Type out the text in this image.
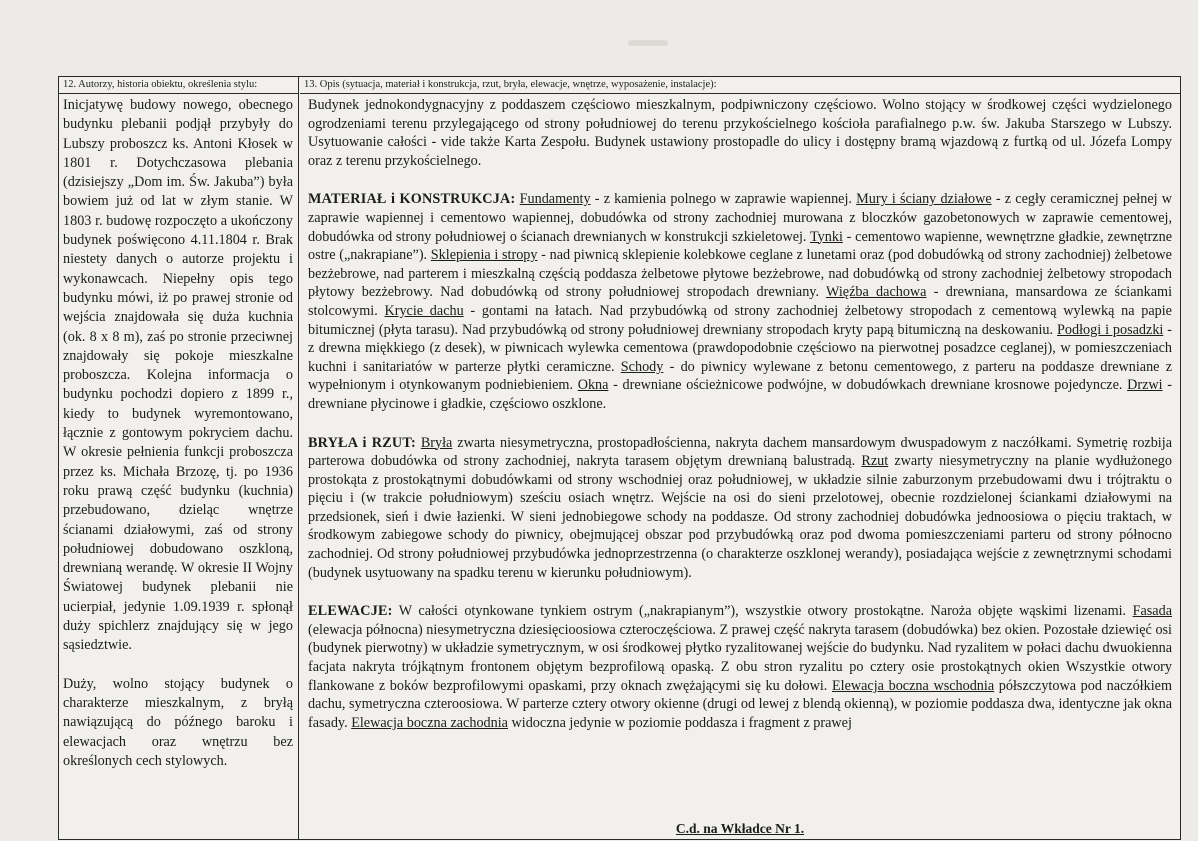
12. Autorzy, historia obiektu, określenia stylu:

Inicjatywę budowy nowego, obecnego budynku plebanii podjął przybyły do Lubszy proboszcz ks. Antoni Kłosek w 1801 r. Dotychczasowa plebania (dzisiejszy „Dom im. Św. Jakuba”) była bowiem już od lat w złym stanie. W 1803 r. budowę rozpoczęto a ukończony budynek poświęcono 4.11.1804 r. Brak niestety danych o autorze projektu i wykonawcach. Niepełny opis tego budynku mówi, iż po prawej stronie od wejścia znajdowała się duża kuchnia (ok. 8 x 8 m), zaś po stronie przeciwnej znajdowały się pokoje mieszkalne proboszcza. Kolejna informacja o budynku pochodzi dopiero z 1899 r., kiedy to budynek wyremontowano, łącznie z gontowym pokryciem dachu. W okresie pełnienia funkcji proboszcza przez ks. Michała Brzozę, tj. po 1936 roku prawą część budynku (kuchnia) przebudowano, dzieląc wnętrze ścianami działowymi, zaś od strony południowej dobudowano oszkloną, drewnianą werandę. W okresie II Wojny Światowej budynek plebanii nie ucierpiał, jedynie 1.09.1939 r. spłonął duży spichlerz znajdujący się w jego sąsiedztwie.

Duży, wolno stojący budynek o charakterze mieszkalnym, z bryłą nawiązującą do późnego baroku i elewacjach oraz wnętrzu bez określonych cech stylowych.

13. Opis (sytuacja, materiał i konstrukcja, rzut, bryła, elewacje, wnętrze, wyposażenie, instalacje):

Budynek jednokondygnacyjny z poddaszem częściowo mieszkalnym, podpiwniczony częściowo. Wolno stojący w środkowej części wydzielonego ogrodzeniami terenu przylegającego od strony południowej do terenu przykościelnego kościoła parafialnego p.w. św. Jakuba Starszego w Lubszy. Usytuowanie całości - vide także Karta Zespołu. Budynek ustawiony prostopadle do ulicy i dostępny bramą wjazdową z furtką od ul. Józefa Lompy oraz z terenu przykościelnego.

MATERIAŁ i KONSTRUKCJA: Fundamenty - z kamienia polnego w zaprawie wapiennej. Mury i ściany działowe - z cegły ceramicznej pełnej w zaprawie wapiennej i cementowo wapiennej, dobudówka od strony zachodniej murowana z bloczków gazobetonowych w zaprawie cementowej, dobudówka od strony południowej o ścianach drewnianych w konstrukcji szkieletowej. Tynki - cementowo wapienne, wewnętrzne gładkie, zewnętrzne ostre („nakrapiane”). Sklepienia i stropy - nad piwnicą sklepienie kolebkowe ceglane z lunetami oraz (pod dobudówką od strony zachodniej) żelbetowe bezżebrowe, nad parterem i mieszkalną częścią poddasza żelbetowe płytowe bezżebrowe, nad dobudówką od strony zachodniej żelbetowy stropodach płytowy bezżebrowy. Nad dobudówką od strony południowej stropodach drewniany. Więźba dachowa - drewniana, mansardowa ze ściankami stolcowymi. Krycie dachu - gontami na łatach. Nad przybudówką od strony zachodniej żelbetowy stropodach z cementową wylewką na papie bitumicznej (płyta tarasu). Nad przybudówką od strony południowej drewniany stropodach kryty papą bitumiczną na deskowaniu. Podłogi i posadzki - z drewna miękkiego (z desek), w piwnicach wylewka cementowa (prawdopodobnie częściowo na pierwotnej posadzce ceglanej), w pomieszczeniach kuchni i sanitariatów w parterze płytki ceramiczne. Schody - do piwnicy wylewane z betonu cementowego, z parteru na poddasze drewniane z wypełnionym i otynkowanym podniebieniem. Okna - drewniane ościeżnicowe podwójne, w dobudówkach drewniane krosnowe pojedyncze. Drzwi - drewniane płycinowe i gładkie, częściowo oszklone.

BRYŁA i RZUT: Bryła zwarta niesymetryczna, prostopadłościenna, nakryta dachem mansardowym dwuspadowym z naczółkami. Symetrię rozbija parterowa dobudówka od strony zachodniej, nakryta tarasem objętym drewnianą balustradą. Rzut zwarty niesymetryczny na planie wydłużonego prostokąta z prostokątnymi dobudówkami od strony wschodniej oraz południowej, w układzie silnie zaburzonym przebudowami dwu i trójtraktu o pięciu i (w trakcie południowym) sześciu osiach wnętrz. Wejście na osi do sieni przelotowej, obecnie rozdzielonej ściankami działowymi na przedsionek, sień i dwie łazienki. W sieni jednobiegowe schody na poddasze. Od strony zachodniej dobudówka jednoosiowa o pięciu traktach, w środkowym zabiegowe schody do piwnicy, obejmującej obszar pod przybudówką oraz pod dwoma pomieszczeniami parteru od strony północno zachodniej. Od strony południowej przybudówka jednoprzestrzenna (o charakterze oszklonej werandy), posiadająca wejście z zewnętrznymi schodami (budynek usytuowany na spadku terenu w kierunku południowym).

ELEWACJE: W całości otynkowane tynkiem ostrym („nakrapianym”), wszystkie otwory prostokątne. Naroża objęte wąskimi lizenami. Fasada (elewacja północna) niesymetryczna dziesięcioosiowa czteroczęściowa. Z prawej część nakryta tarasem (dobudówka) bez okien. Pozostałe dziewięć osi (budynek pierwotny) w układzie symetrycznym, w osi środkowej płytko ryzalitowanej wejście do budynku. Nad ryzalitem w połaci dachu dwuokienna facjata nakryta trójkątnym frontonem objętym bezprofilową opaską. Z obu stron ryzalitu po cztery osie prostokątnych okien Wszystkie otwory flankowane z boków bezprofilowymi opaskami, przy oknach zwężającymi się ku dołowi. Elewacja boczna wschodnia półszczytowa pod naczółkiem dachu, symetryczna czteroosiowa. W parterze cztery otwory okienne (drugi od lewej z blendą okienną), w poziomie poddasza dwa, identyczne jak okna fasady. Elewacja boczna zachodnia widoczna jedynie w poziomie poddasza i fragment z prawej

C.d. na Wkładce Nr 1.
